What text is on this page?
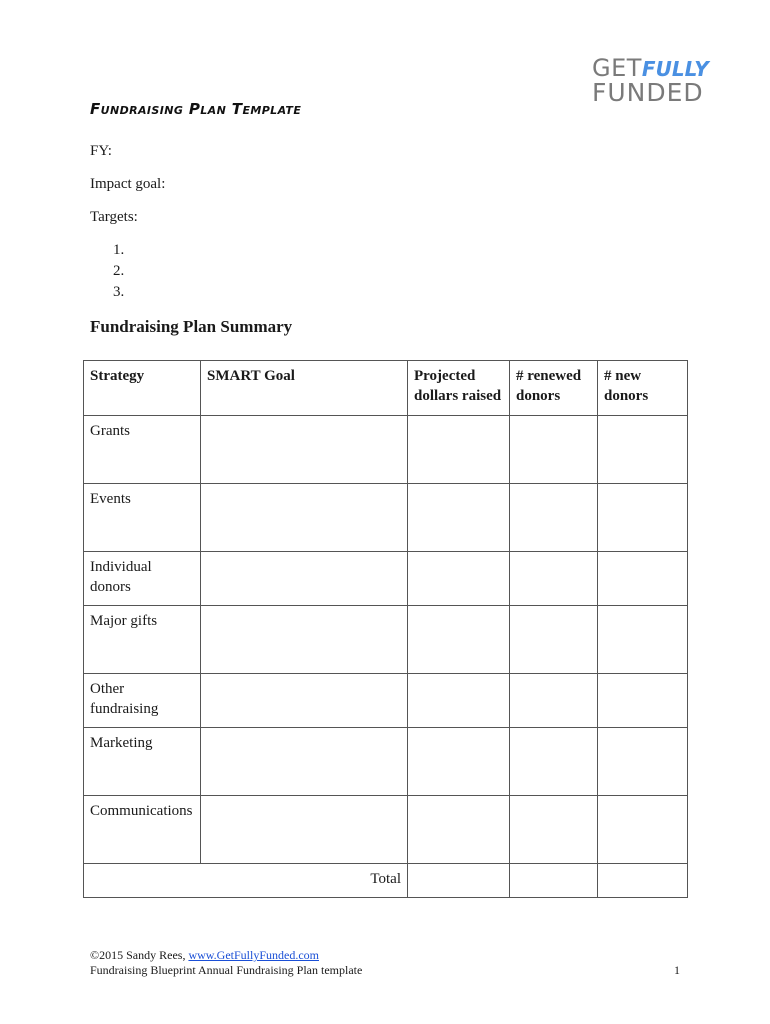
GETFULLY
FUNDED
Fundraising Plan Template
FY:
Impact goal:
Targets:
1.
2.
3.
Fundraising Plan Summary
Strategy	SMART Goal	Projected dollars raised	# renewed donors	# new donors
Grants				
Events				
Individual donors				
Major gifts				
Other fundraising				
Marketing				
Communications				
Total				
©2015 Sandy Rees, www.GetFullyFunded.com
Fundraising Blueprint Annual Fundraising Plan template	1
